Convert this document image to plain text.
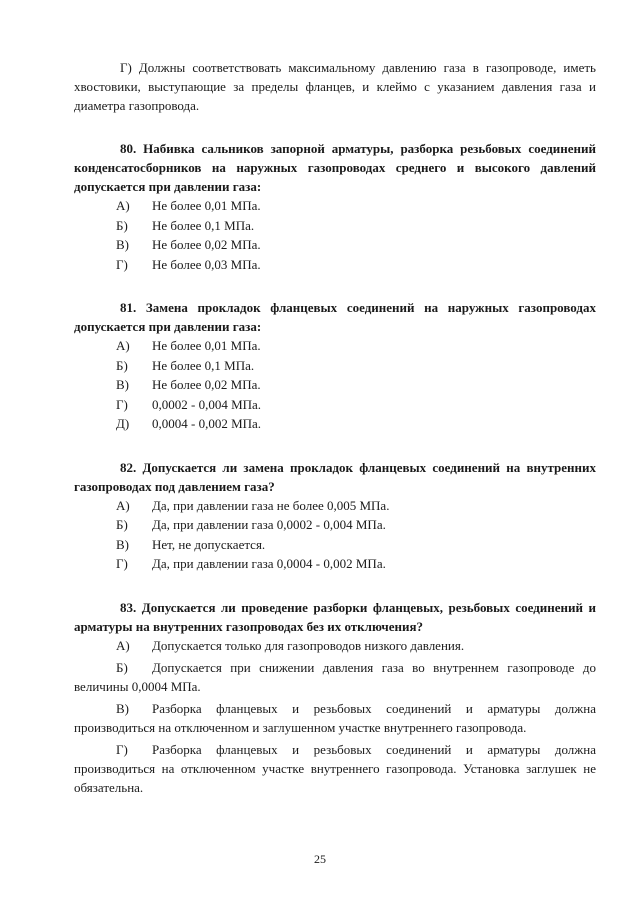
Г) Должны соответствовать максимальному давлению газа в газопроводе, иметь хвостовики, выступающие за пределы фланцев, и клеймо с указанием давления газа и диаметра газопровода.

80. Набивка сальников запорной арматуры, разборка резьбовых соединений конденсатосборников на наружных газопроводах среднего и высокого давлений допускается при давлении газа:

А)	Не более 0,01 МПа.
Б)	Не более 0,1 МПа.
В)	Не более 0,02 МПа.
Г)	Не более 0,03 МПа.

81. Замена прокладок фланцевых соединений на наружных газопроводах допускается при давлении газа:

А)	Не более 0,01 МПа.
Б)	Не более 0,1 МПа.
В)	Не более 0,02 МПа.
Г)	0,0002 - 0,004 МПа.
Д)	0,0004 - 0,002 МПа.

82. Допускается ли замена прокладок фланцевых соединений на внутренних газопроводах под давлением газа?

А)	Да, при давлении газа не более 0,005 МПа.
Б)	Да, при давлении газа 0,0002 - 0,004 МПа.
В)	Нет, не допускается.
Г)	Да, при давлении газа 0,0004 - 0,002 МПа.

83. Допускается ли проведение разборки фланцевых, резьбовых соединений и арматуры на внутренних газопроводах без их отключения?

А)	Допускается только для газопроводов низкого давления.

Б) Допускается при снижении давления газа во внутреннем газопроводе до величины 0,0004 МПа.

В) Разборка фланцевых и резьбовых соединений и арматуры должна производиться на отключенном и заглушенном участке внутреннего газопровода.

Г) Разборка фланцевых и резьбовых соединений и арматуры должна производиться на отключенном участке внутреннего газопровода. Установка заглушек не обязательна.

25
